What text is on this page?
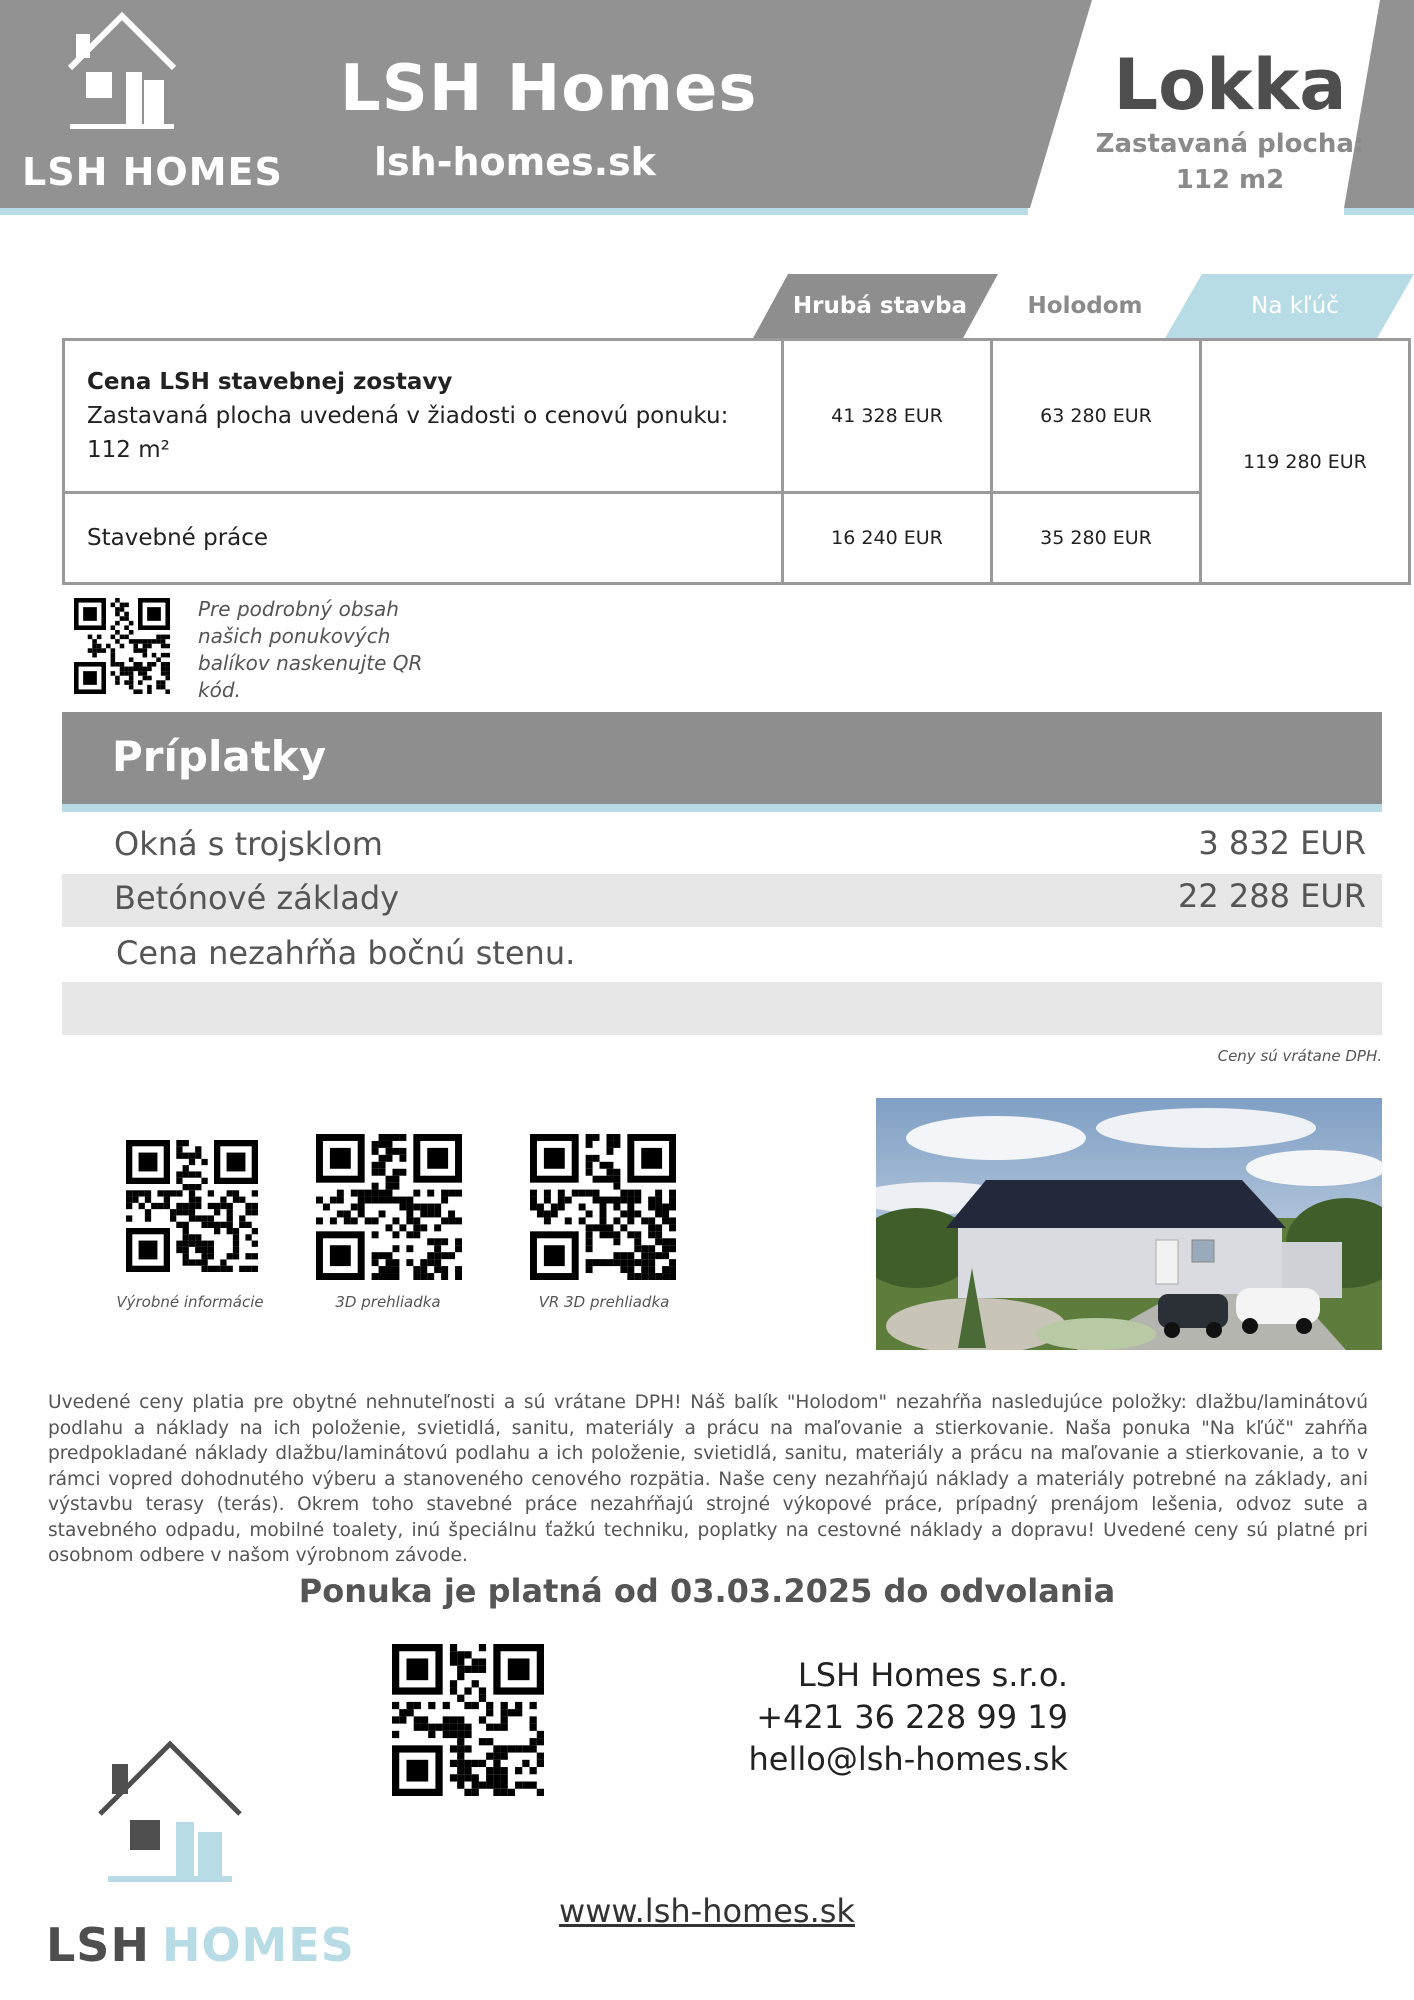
LSH HOMES
LSH Homes
lsh-homes.sk
Lokka
Zastavaná plocha:
112 m2
Hrubá stavba	Holodom	Na kľúč
Cena LSH stavebnej zostavy
Zastavaná plocha uvedená v žiadosti o cenovú ponuku:
112 m²	41 328 EUR	63 280 EUR	119 280 EUR
Stavebné práce	16 240 EUR	35 280 EUR	
Pre podrobný obsah našich ponukových balíkov naskenujte QR kód.
Príplatky
Okná s trojsklom	3 832 EUR
Betónové základy	22 288 EUR
Cena nezahŕňa bočnú stenu.
Ceny sú vrátane DPH.
Výrobné informácie	3D prehliadka	VR 3D prehliadka
Uvedené ceny platia pre obytné nehnuteľnosti a sú vrátane DPH! Náš balík "Holodom" nezahŕňa nasledujúce položky: dlažbu/laminátovú podlahu a náklady na ich položenie, svietidlá, sanitu, materiály a prácu na maľovanie a stierkovanie. Naša ponuka "Na kľúč" zahŕňa predpokladané náklady dlažbu/laminátovú podlahu a ich položenie, svietidlá, sanitu, materiály a prácu na maľovanie a stierkovanie, a to v rámci vopred dohodnutého výberu a stanoveného cenového rozpätia. Naše ceny nezahŕňajú náklady a materiály potrebné na základy, ani výstavbu terasy (terás). Okrem toho stavebné práce nezahŕňajú strojné výkopové práce, prípadný prenájom lešenia, odvoz sute a stavebného odpadu, mobilné toalety, inú špeciálnu ťažkú techniku, poplatky na cestovné náklady a dopravu! Uvedené ceny sú platné pri osobnom odbere v našom výrobnom závode.
Ponuka je platná od 03.03.2025 do odvolania
LSH Homes s.r.o.
+421 36 228 99 19
hello@lsh-homes.sk
LSH HOMES
www.lsh-homes.sk
